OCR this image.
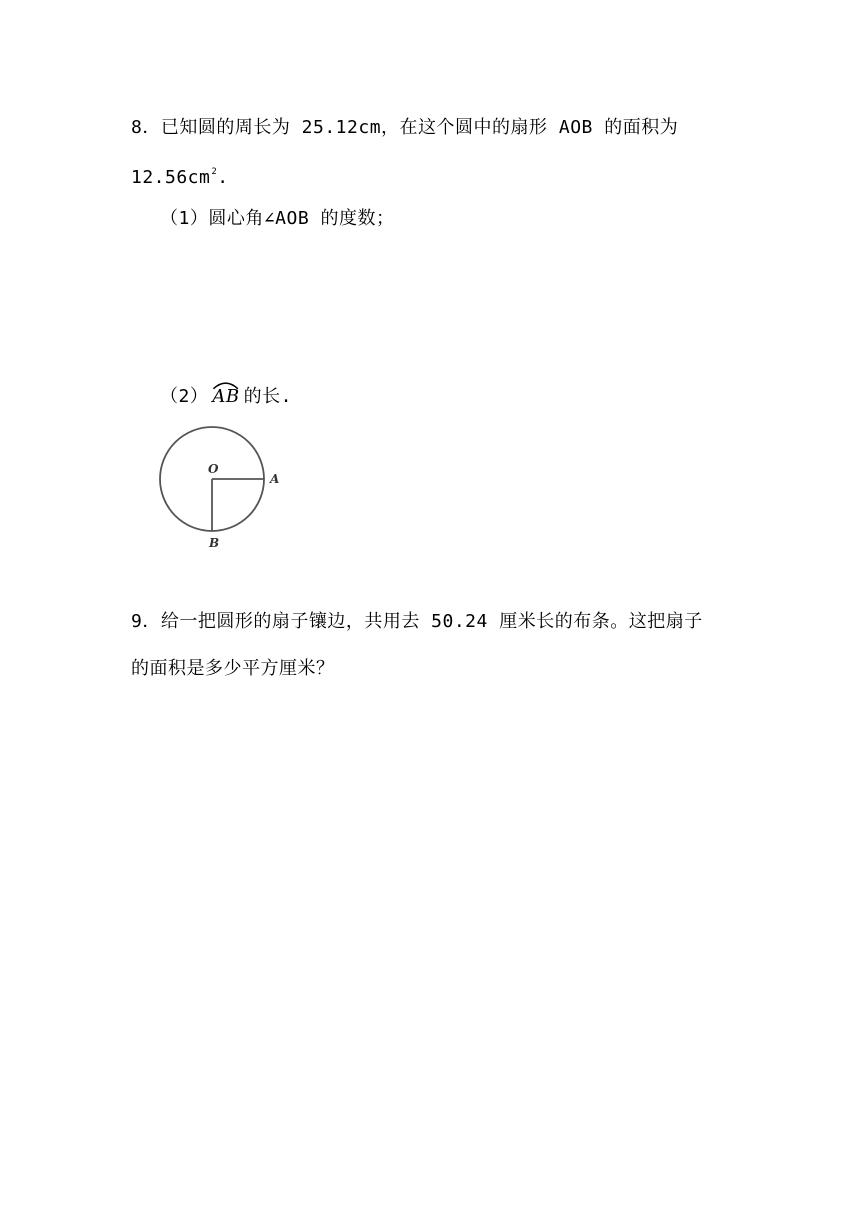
8．已知圆的周长为 25.12cm，在这个圆中的扇形 AOB 的面积为
$12.56cm^2$.
（1）圆心角∠AOB 的度数；
（2） AB 的长.
O
A
B
9．给一把圆形的扇子镶边，共用去 50.24 厘米长的布条。这把扇子
的面积是多少平方厘米？
